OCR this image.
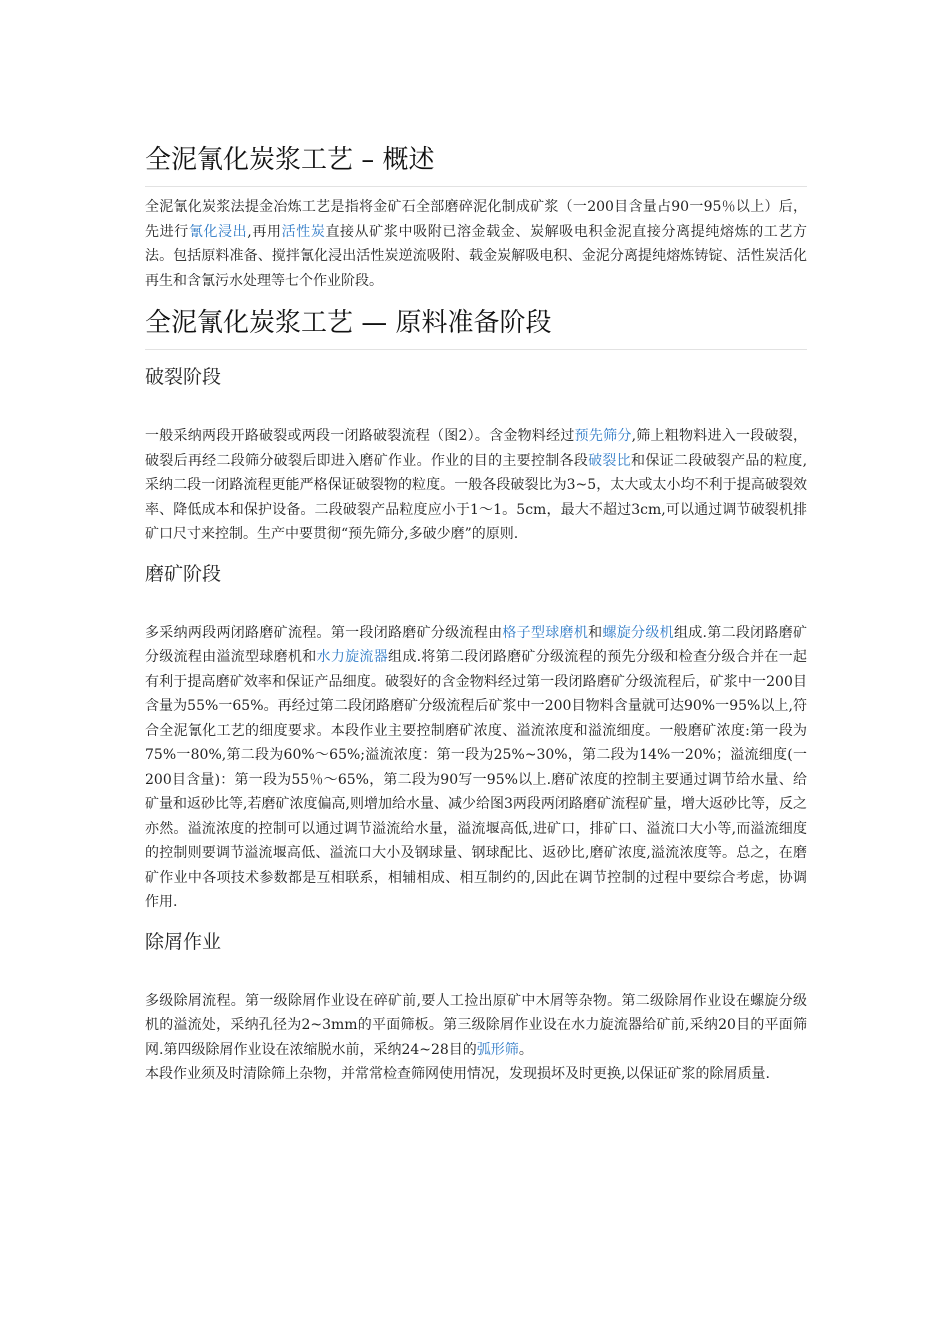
全泥氰化炭浆工艺 – 概述

全泥氰化炭浆法提金冶炼工艺是指将金矿石全部磨碎泥化制成矿浆（一200目含量占90一95％以上）后，先进行氰化浸出,再用活性炭直接从矿浆中吸附已溶金载金、炭解吸电积金泥直接分离提纯熔炼的工艺方法。包括原料准备、搅拌氰化浸出活性炭逆流吸附、载金炭解吸电积、金泥分离提纯熔炼铸锭、活性炭活化再生和含氰污水处理等七个作业阶段。

全泥氰化炭浆工艺 — 原料准备阶段
破裂阶段

一般采纳两段开路破裂或两段一闭路破裂流程（图2）。含金物料经过预先筛分,筛上粗物料进入一段破裂，破裂后再经二段筛分破裂后即进入磨矿作业。作业的目的主要控制各段破裂比和保证二段破裂产品的粒度,采纳二段一闭路流程更能严格保证破裂物的粒度。一般各段破裂比为3~5，太大或太小均不利于提高破裂效率、降低成本和保护设备。二段破裂产品粒度应小于1～1。5cm，最大不超过3cm,可以通过调节破裂机排矿口尺寸来控制。生产中要贯彻“预先筛分,多破少磨”的原则.

磨矿阶段

多采纳两段两闭路磨矿流程。第一段闭路磨矿分级流程由格子型球磨机和螺旋分级机组成.第二段闭路磨矿分级流程由溢流型球磨机和水力旋流器组成.将第二段闭路磨矿分级流程的预先分级和检查分级合并在一起有利于提高磨矿效率和保证产品细度。破裂好的含金物料经过第一段闭路磨矿分级流程后，矿浆中一200目含量为55%一65%。再经过第二段闭路磨矿分级流程后矿浆中一200目物料含量就可达90%一95%以上,符合全泥氰化工艺的细度要求。本段作业主要控制磨矿浓度、溢流浓度和溢流细度。一般磨矿浓度:第一段为75%一80%,第二段为60%～65%;溢流浓度：第一段为25%~30%，第二段为14%一20%；溢流细度(一200目含量)：第一段为55％～65%，第二段为90写一95%以上.磨矿浓度的控制主要通过调节给水量、给矿量和返砂比等,若磨矿浓度偏高,则增加给水量、减少给图3两段两闭路磨矿流程矿量，增大返砂比等，反之亦然。溢流浓度的控制可以通过调节溢流给水量，溢流堰高低,进矿口，排矿口、溢流口大小等,而溢流细度的控制则要调节溢流堰高低、溢流口大小及钢球量、钢球配比、返砂比,磨矿浓度,溢流浓度等。总之，在磨矿作业中各项技术参数都是互相联系，相辅相成、相互制约的,因此在调节控制的过程中要综合考虑，协调作用.

除屑作业

多级除屑流程。第一级除屑作业设在碎矿前,要人工捡出原矿中木屑等杂物。第二级除屑作业设在螺旋分级机的溢流处，采纳孔径为2~3mm的平面筛板。第三级除屑作业设在水力旋流器给矿前,采纳20目的平面筛网.第四级除屑作业设在浓缩脱水前，采纳24~28目的弧形筛。

本段作业须及时清除筛上杂物，并常常检查筛网使用情况，发现损坏及时更换,以保证矿浆的除屑质量.
